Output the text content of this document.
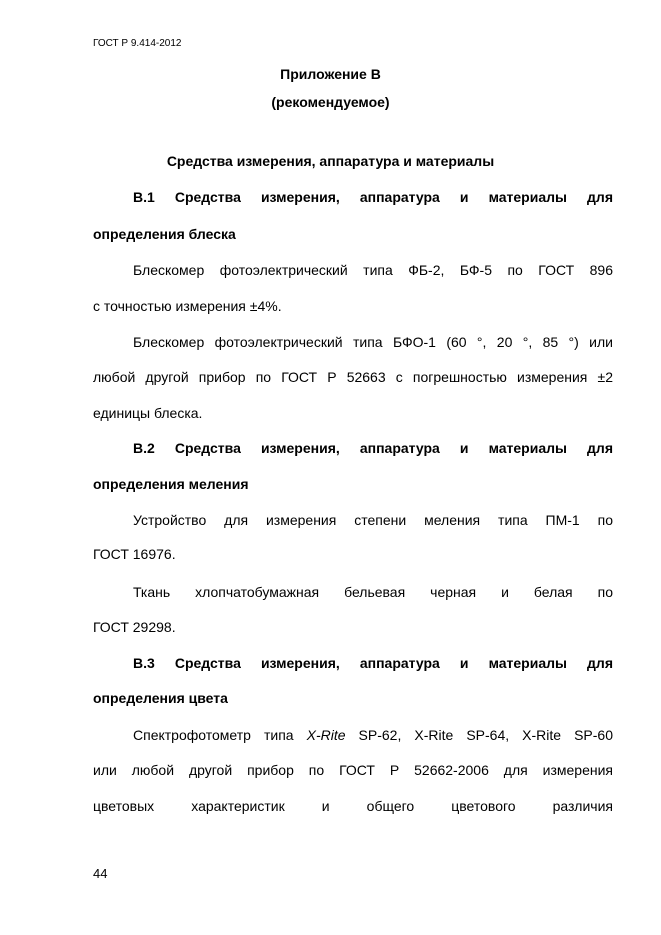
ГОСТ Р 9.414-2012
Приложение В
(рекомендуемое)
Средства измерения, аппаратура и материалы
В.1 Средства измерения, аппаратура и материалы для
определения блеска
Блескомер фотоэлектрический типа ФБ-2, БФ-5 по ГОСТ 896
с точностью измерения ±4%.
Блескомер фотоэлектрический типа БФО-1 (60 °, 20 °, 85 °) или
любой другой прибор по ГОСТ Р 52663 с погрешностью измерения ±2
единицы блеска.
В.2 Средства измерения, аппаратура и материалы для
определения меления
Устройство для измерения степени меления типа ПМ-1 по
ГОСТ 16976.
Ткань хлопчатобумажная бельевая черная и белая по
ГОСТ 29298.
В.3 Средства измерения, аппаратура и материалы для
определения цвета
Спектрофотометр типа X-Rite SP-62, X-Rite SP-64, X-Rite SP-60
или любой другой прибор по ГОСТ Р 52662-2006 для измерения
цветовых характеристик и общего цветового различия
44
